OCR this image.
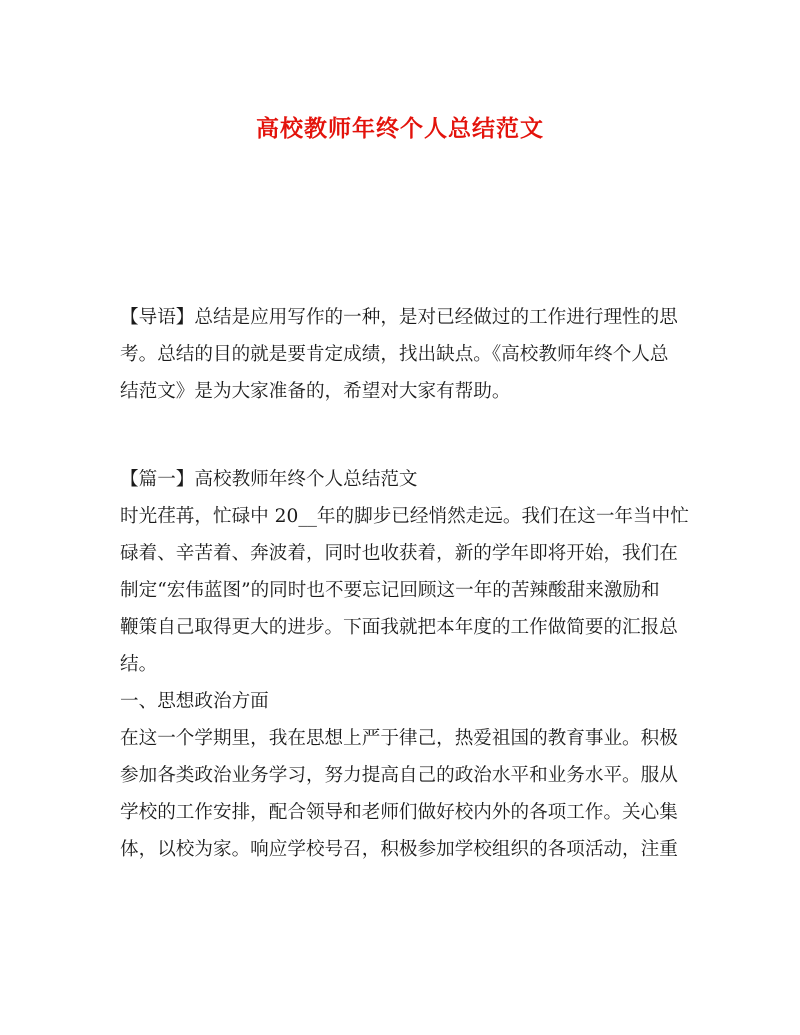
高校教师年终个人总结范文
【导语】总结是应用写作的一种，是对已经做过的工作进行理性的思
考。总结的目的就是要肯定成绩，找出缺点。《高校教师年终个人总
结范文》是为大家准备的，希望对大家有帮助。
【篇一】高校教师年终个人总结范文
时光荏苒，忙碌中 20__年的脚步已经悄然走远。我们在这一年当中忙
碌着、辛苦着、奔波着，同时也收获着，新的学年即将开始，我们在
制定“宏伟蓝图”的同时也不要忘记回顾这一年的苦辣酸甜来激励和
鞭策自己取得更大的进步。下面我就把本年度的工作做简要的汇报总
结。
一、思想政治方面
在这一个学期里，我在思想上严于律己，热爱祖国的教育事业。积极
参加各类政治业务学习，努力提高自己的政治水平和业务水平。服从
学校的工作安排，配合领导和老师们做好校内外的各项工作。关心集
体，以校为家。响应学校号召，积极参加学校组织的各项活动，注重
